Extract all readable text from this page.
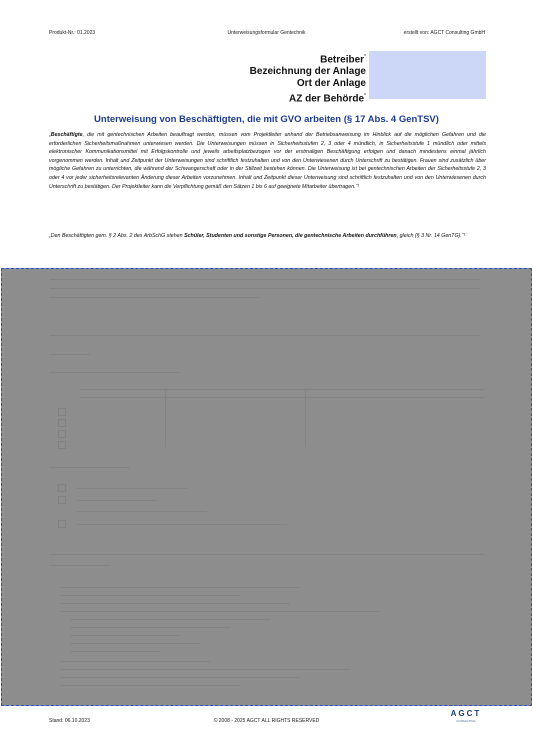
Produkt-Nr.: 01.2023	Unterweisungsformular Gentechnik	erstellt von: AGCT Consulting GmbH
Betreiber*
Bezeichnung der Anlage
Ort der Anlage
AZ der Behörde*
Unterweisung von Beschäftigten, die mit GVO arbeiten (§ 17 Abs. 4 GenTSV)
„Beschäftigte, die mit gentechnischen Arbeiten beauftragt werden, müssen vom Projektleiter anhand der Betriebsanweisung im Hinblick auf die möglichen Gefahren und die erforderlichen Sicherheitsmaßnahmen unterwiesen werden. Die Unterweisungen müssen in Sicherheitsstufen 2, 3 oder 4 mündlich, in Sicherheitsstufe 1 mündlich oder mittels elektronischer Kommunikationsmittel mit Erfolgskontrolle und jeweils arbeitsplatzbezogen vor der erstmaligen Beschäftigung erfolgen und danach mindestens einmal jährlich vorgenommen werden. Inhalt und Zeitpunkt der Unterweisungen sind schriftlich festzuhalten und von den Unterwiesenen durch Unterschrift zu bestätigen. Frauen sind zusätzlich über mögliche Gefahren zu unterrichten, die während der Schwangerschaft oder in der Stillzeit bestehen können. Die Unterweisung ist bei gentechnischen Arbeiten der Sicherheitsstufe 2, 3 oder 4 vor jeder sicherheitsrelevanten Änderung dieser Arbeiten vorzunehmen. Inhalt und Zeitpunkt dieser Unterweisung sind schriftlich festzuhalten und von den Unterwiesenen durch Unterschrift zu bestätigen. Der Projektleiter kann die Verpflichtung gemäß den Sätzen 1 bis 6 auf geeignete Mitarbeiter übertragen.“¹
„Den Beschäftigten gem. § 2 Abs. 2 des ArbSchG stehen Schüler, Studenten und sonstige Personen, die gentechnische Arbeiten durchführen, gleich (§ 3 Nr. 14 GenTG).“¹
Stand: 06.10.2023	© 2008 - 2025 AGCT ALL RIGHTS RESERVED
AGCT
CONSULTING
